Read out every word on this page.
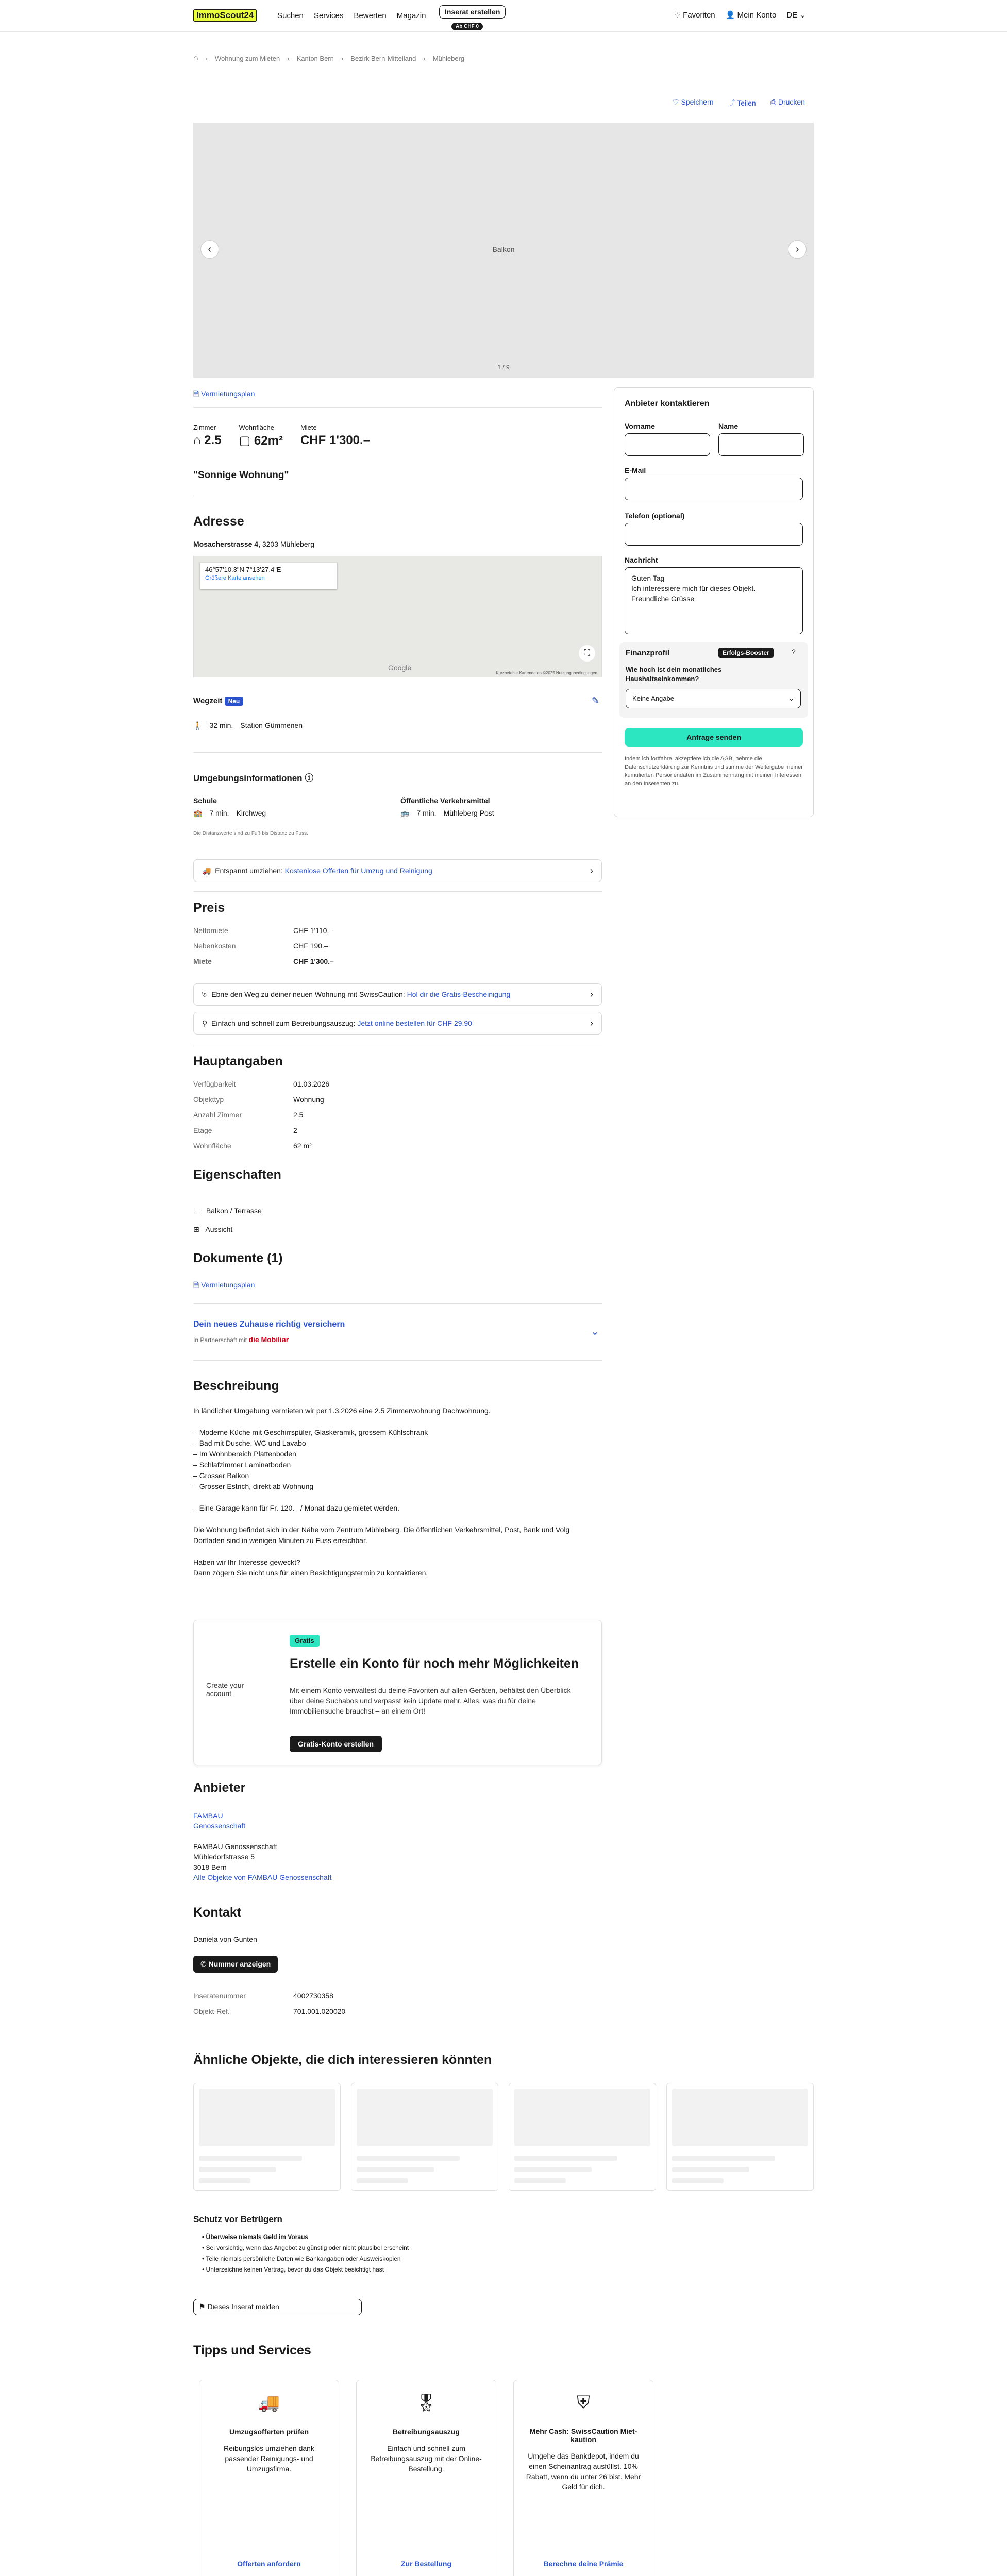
ImmoScout24	Suchen Services Bewerten Magazin	Inserat erstellen
Ab CHF 0
♡ Favoriten 👤 Mein Konto DE ⌄
⌂ › Wohnung zum Mieten › Kanton Bern › Bezirk Bern-Mittelland › Mühleberg
♡ Speichern ⤴ Teilen ⎙ Drucken
‹	›
Balkon
1 / 9
🗎 Vermietungsplan
Zimmer
⌂ 2.5
Wohnfläche
▢ 62m²
Miete
CHF 1'300.–
"Sonnige Wohnung"
Adresse
Mosacherstrasse 4, 3203 Mühleberg
46°57'10.3"N 7°13'27.4"E
Größere Karte ansehen
Google
Kurzbefehle Kartendaten ©2025 Nutzungsbedingungen
⛶
Wegzeit Neu	✎
🚶 32 min. Station Gümmenen
Umgebungsinformationen ⓘ
Schule
🏫 7 min. Kirchweg
Öffentliche Verkehrsmittel
🚌 7 min. Mühleberg Post
Die Distanzwerte sind zu Fuß bis Distanz zu Fuss.
🚚
Entspannt umziehen:
Kostenlose Offerten für Umzug und Reinigung	›
Preis
Nettomiete	CHF 1'110.–
Nebenkosten	CHF 190.–
Miete	CHF 1'300.–
⛨
Ebne den Weg zu deiner neuen Wohnung mit SwissCaution:
Hol dir die Gratis-Bescheinigung	›
⚲
Einfach und schnell zum Betreibungsauszug:
Jetzt online bestellen für CHF 29.90	›
Hauptangaben
Verfügbarkeit	01.03.2026
Objekttyp	Wohnung
Anzahl Zimmer	2.5
Etage	2
Wohnfläche	62 m²
Eigenschaften
▦ Balkon / Terrasse
⊞ Aussicht
Dokumente (1)
🗎 Vermietungsplan
Dein neues Zuhause richtig versichern
In Partnerschaft mit die Mobiliar
⌄
Beschreibung

In ländlicher Umgebung vermieten wir per 1.3.2026 eine 2.5 Zimmerwohnung Dachwohnung.

– Moderne Küche mit Geschirrspüler, Glaskeramik, grossem Kühlschrank
– Bad mit Dusche, WC und Lavabo
– Im Wohnbereich Plattenboden
– Schlafzimmer Laminatboden
– Grosser Balkon
– Grosser Estrich, direkt ab Wohnung

– Eine Garage kann für Fr. 120.– / Monat dazu gemietet werden.

Die Wohnung befindet sich in der Nähe vom Zentrum Mühleberg. Die öffentlichen Verkehrsmittel, Post, Bank und Volg Dorfladen sind in wenigen Minuten zu Fuss erreichbar.

Haben wir Ihr Interesse geweckt?

Dann zögern Sie nicht uns für einen Besichtigungstermin zu kontaktieren.

Create your account
Gratis
Erstelle ein Konto für noch mehr Möglichkeiten
Mit einem Konto verwaltest du deine Favoriten auf allen Geräten, behältst den Überblick über deine Suchabos und verpasst kein Update mehr. Alles, was du für deine Immobiliensuche brauchst – an einem Ort!
Gratis-Konto erstellen
Anbieter
FAMBAU
Genossenschaft

FAMBAU Genossenschaft
Mühledorfstrasse 5
3018 Bern
Alle Objekte von FAMBAU Genossenschaft
Kontakt
Daniela von Gunten
✆ Nummer anzeigen
Inseratenummer	4002730358
Objekt-Ref.	701.001.020020
Ähnliche Objekte, die dich interessieren könnten
Schutz vor Betrügern
• Überweise niemals Geld im Voraus
• Sei vorsichtig, wenn das Angebot zu günstig oder nicht plausibel erscheint
• Teile niemals persönliche Daten wie Bankangaben oder Ausweiskopien
• Unterzeichne keinen Vertrag, bevor du das Objekt besichtigt hast
⚑ Dieses Inserat melden
Tipps und Services
🚚
Umzugsofferten prüfen
Reibungslos umziehen dank passender Reinigungs- und Umzugsfirma.
Offerten anfordern
🎖
Betreibungsauszug
Einfach und schnell zum Betreibungsauszug mit der Online-Bestellung.
Zur Bestellung
⛨
Mehr Cash: SwissCaution Miet-kaution
Umgehe das Bankdepot, indem du einen Scheinantrag ausfüllst. 10% Rabatt, wenn du unter 26 bist. Mehr Geld für dich.
Berechne deine Prämie
Anbieter kontaktieren
Vorname	Name
E-Mail
Telefon (optional)
Nachricht
Guten Tag
Ich interessiere mich für dieses Objekt.
Freundliche Grüsse
Finanzprofil	Erfolgs-Booster	?
Wie hoch ist dein monatliches Haushaltseinkommen?
Keine Angabe	⌄
Anfrage senden
Indem ich fortfahre, akzeptiere ich die AGB, nehme die Datenschutzerklärung zur Kenntnis und stimme der Weitergabe meiner kumulierten Personendaten im Zusammenhang mit meinen Interessen an den Inserenten zu.
